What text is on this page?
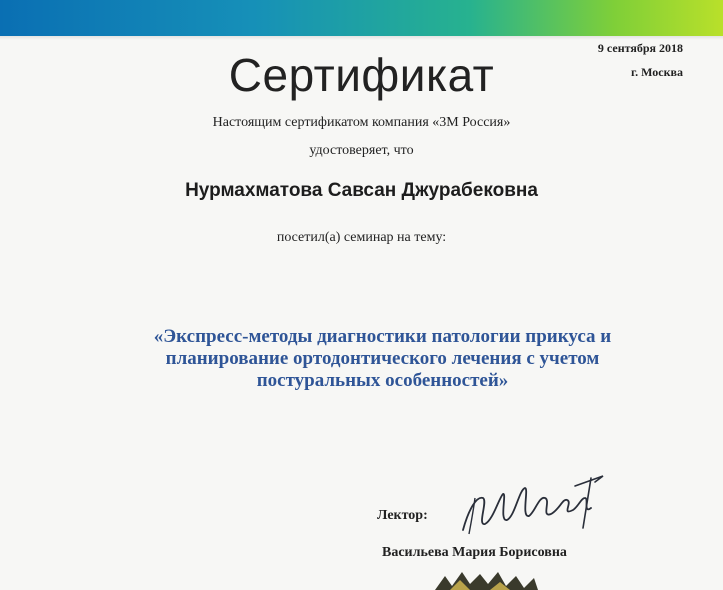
9 сентября 2018
г. Москва
Сертификат
Настоящим сертификатом компания «3М Россия»
удостоверяет, что
Нурмахматова Савсан Джурабековна
посетил(а) семинар на тему:
«Экспресс-методы диагностики патологии прикуса и
планирование ортодонтического лечения с учетом
постуральных особенностей»
Лектор:
Васильева Мария Борисовна
